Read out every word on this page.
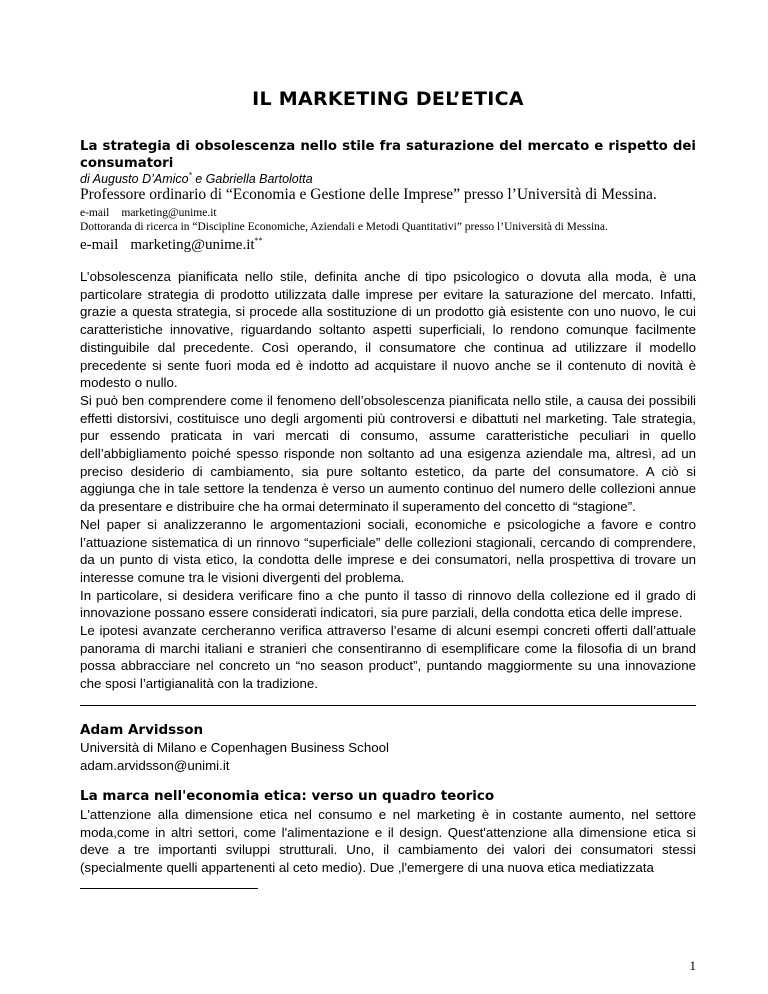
IL MARKETING DEL’ETICA
La strategia di obsolescenza nello stile fra saturazione del mercato e rispetto dei consumatori
di Augusto D’Amico* e Gabriella Bartolotta
Professore ordinario di “Economia e Gestione delle Imprese” presso l’Università di Messina.
e-mail marketing@unime.it
Dottoranda di ricerca in “Discipline Economiche, Aziendali e Metodi Quantitativi” presso l’Università di Messina.
e-mail marketing@unime.it**

L’obsolescenza pianificata nello stile, definita anche di tipo psicologico o dovuta alla moda, è una particolare strategia di prodotto utilizzata dalle imprese per evitare la saturazione del mercato. Infatti, grazie a questa strategia, si procede alla sostituzione di un prodotto già esistente con uno nuovo, le cui caratteristiche innovative, riguardando soltanto aspetti superficiali, lo rendono comunque facilmente distinguibile dal precedente. Così operando, il consumatore che continua ad utilizzare il modello precedente si sente fuori moda ed è indotto ad acquistare il nuovo anche se il contenuto di novità è modesto o nullo.

Si può ben comprendere come il fenomeno dell’obsolescenza pianificata nello stile, a causa dei possibili effetti distorsivi, costituisce uno degli argomenti più controversi e dibattuti nel marketing. Tale strategia, pur essendo praticata in vari mercati di consumo, assume caratteristiche peculiari in quello dell’abbigliamento poiché spesso risponde non soltanto ad una esigenza aziendale ma, altresì, ad un preciso desiderio di cambiamento, sia pure soltanto estetico, da parte del consumatore. A ciò si aggiunga che in tale settore la tendenza è verso un aumento continuo del numero delle collezioni annue da presentare e distribuire che ha ormai determinato il superamento del concetto di “stagione”.

Nel paper si analizzeranno le argomentazioni sociali, economiche e psicologiche a favore e contro l’attuazione sistematica di un rinnovo “superficiale” delle collezioni stagionali, cercando di comprendere, da un punto di vista etico, la condotta delle imprese e dei consumatori, nella prospettiva di trovare un interesse comune tra le visioni divergenti del problema.

In particolare, si desidera verificare fino a che punto il tasso di rinnovo della collezione ed il grado di innovazione possano essere considerati indicatori, sia pure parziali, della condotta etica delle imprese.

Le ipotesi avanzate cercheranno verifica attraverso l’esame di alcuni esempi concreti offerti dall’attuale panorama di marchi italiani e stranieri che consentiranno di esemplificare come la filosofia di un brand possa abbracciare nel concreto un “no season product”, puntando maggiormente su una innovazione che sposi l’artigianalità con la tradizione.

Adam Arvidsson
Università di Milano e Copenhagen Business School
adam.arvidsson@unimi.it
La marca nell'economia etica: verso un quadro teorico
L'attenzione alla dimensione etica nel consumo e nel marketing è in costante aumento, nel settore moda,come in altri settori, come l'alimentazione e il design. Quest'attenzione alla dimensione etica si deve a tre importanti sviluppi strutturali. Uno, il cambiamento dei valori dei consumatori stessi (specialmente quelli appartenenti al ceto medio). Due ,l'emergere di una nuova etica mediatizzata
1
